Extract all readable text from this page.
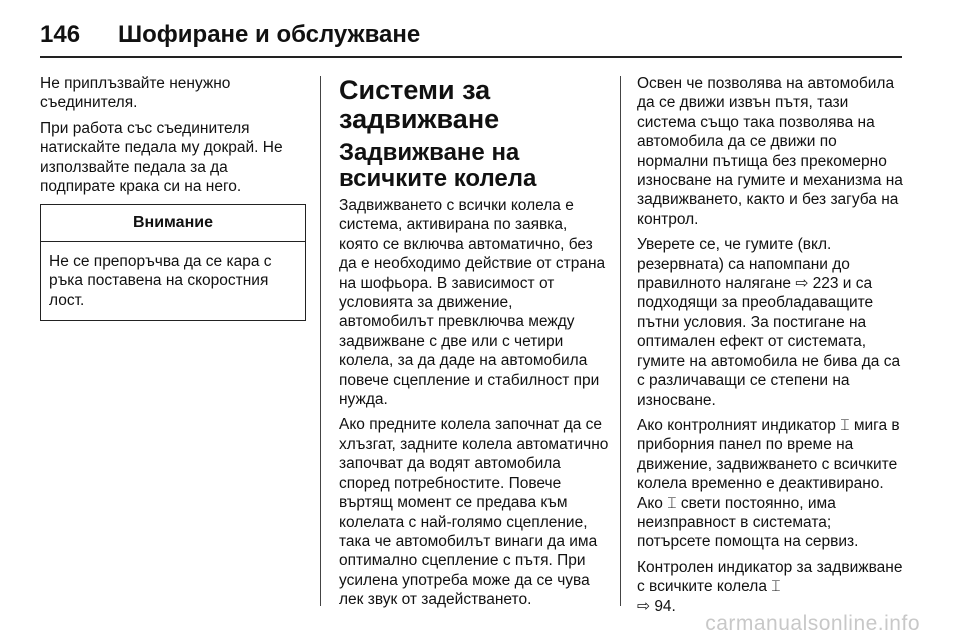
146	Шофиране и обслужване

Не приплъзвайте ненужно съединителя.

При работа със съединителя натискайте педала му докрай. Не използвайте педала за да подпирате крака си на него.

Внимание
Не се препоръчва да се кара с ръка поставена на скоростния лост.
Системи за задвижване
Задвижване на всичките колела

Задвижването с всички колела е система, активирана по заявка, която се включва автоматично, без да е необходимо действие от страна на шофьора. В зависимост от условията за движение, автомобилът превключва между задвижване с две или с четири колела, за да даде на автомобила повече сцепление и стабилност при нужда.

Ако предните колела започнат да се хлъзгат, задните колела автоматично започват да водят автомобила според потребностите. Повече въртящ момент се предава към колелата с най-голямо сцепление, така че автомобилът винаги да има оптимално сцепление с пътя. При усилена употреба може да се чува лек звук от задействането.

Освен че позволява на автомобила да се движи извън пътя, тази система също така позволява на автомобила да се движи по нормални пътища без прекомерно износване на гумите и механизма на задвижването, както и без загуба на контрол.

Уверете се, че гумите (вкл. резервната) са напомпани до правилното налягане ⇨ 223 и са подходящи за преобладаващите пътни условия. За постигане на оптимален ефект от системата, гумите на автомобила не бива да са с различаващи се степени на износване.

Ако контролният индикатор ⌶ мига в приборния панел по време на движение, задвижването с всичките колела временно е деактивирано. Ако ⌶ свети постоянно, има неизправност в системата; потърсете помощта на сервиз.

Контролен индикатор за задвижване с всичките колела ⌶
⇨ 94.

carmanualsonline.info
